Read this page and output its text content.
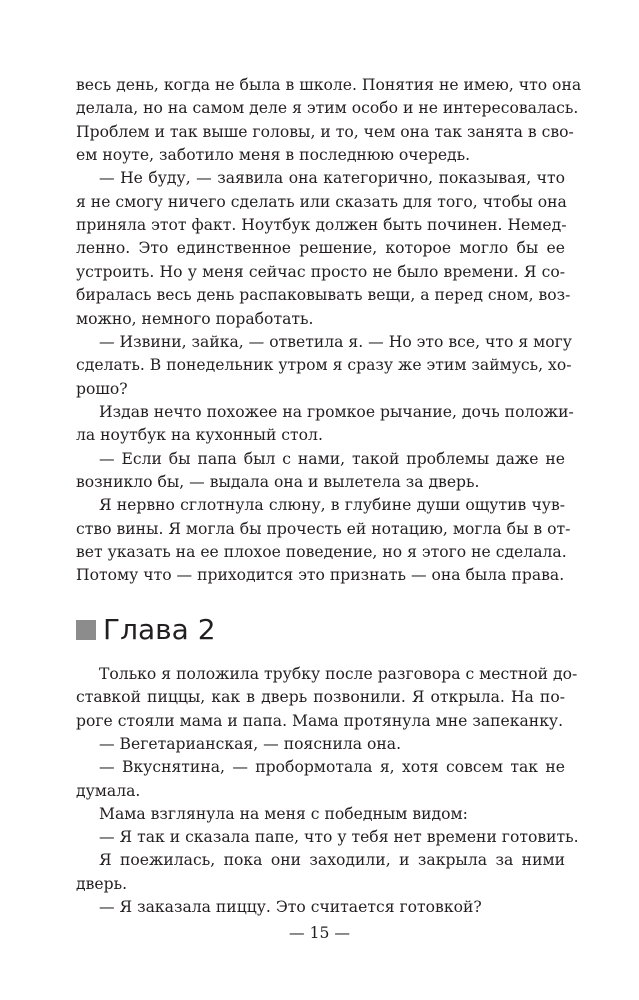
весь день, когда не была в школе. Понятия не имею, что она
делала, но на самом деле я этим особо и не интересовалась.
Проблем и так выше головы, и то, чем она так занята в сво-
ем ноуте, заботило меня в последнюю очередь.
— Не буду, — заявила она категорично, показывая, что
я не смогу ничего сделать или сказать для того, чтобы она
приняла этот факт. Ноутбук должен быть починен. Немед-
ленно. Это единственное решение, которое могло бы ее
устроить. Но у меня сейчас просто не было времени. Я со-
биралась весь день распаковывать вещи, а перед сном, воз-
можно, немного поработать.
— Извини, зайка, — ответила я. — Но это все, что я могу
сделать. В понедельник утром я сразу же этим займусь, хо-
рошо?
Издав нечто похожее на громкое рычание, дочь положи-
ла ноутбук на кухонный стол.
— Если бы папа был с нами, такой проблемы даже не
возникло бы, — выдала она и вылетела за дверь.
Я нервно сглотнула слюну, в глубине души ощутив чув-
ство вины. Я могла бы прочесть ей нотацию, могла бы в от-
вет указать на ее плохое поведение, но я этого не сделала.
Потому что — приходится это признать — она была права.
Глава 2
Только я положила трубку после разговора с местной до-
ставкой пиццы, как в дверь позвонили. Я открыла. На по-
роге стояли мама и папа. Мама протянула мне запеканку.
— Вегетарианская, — пояснила она.
— Вкуснятина, — пробормотала я, хотя совсем так не
думала.
Мама взглянула на меня с победным видом:
— Я так и сказала папе, что у тебя нет времени готовить.
Я поежилась, пока они заходили, и закрыла за ними
дверь.
— Я заказала пиццу. Это считается готовкой?
— 15 —
